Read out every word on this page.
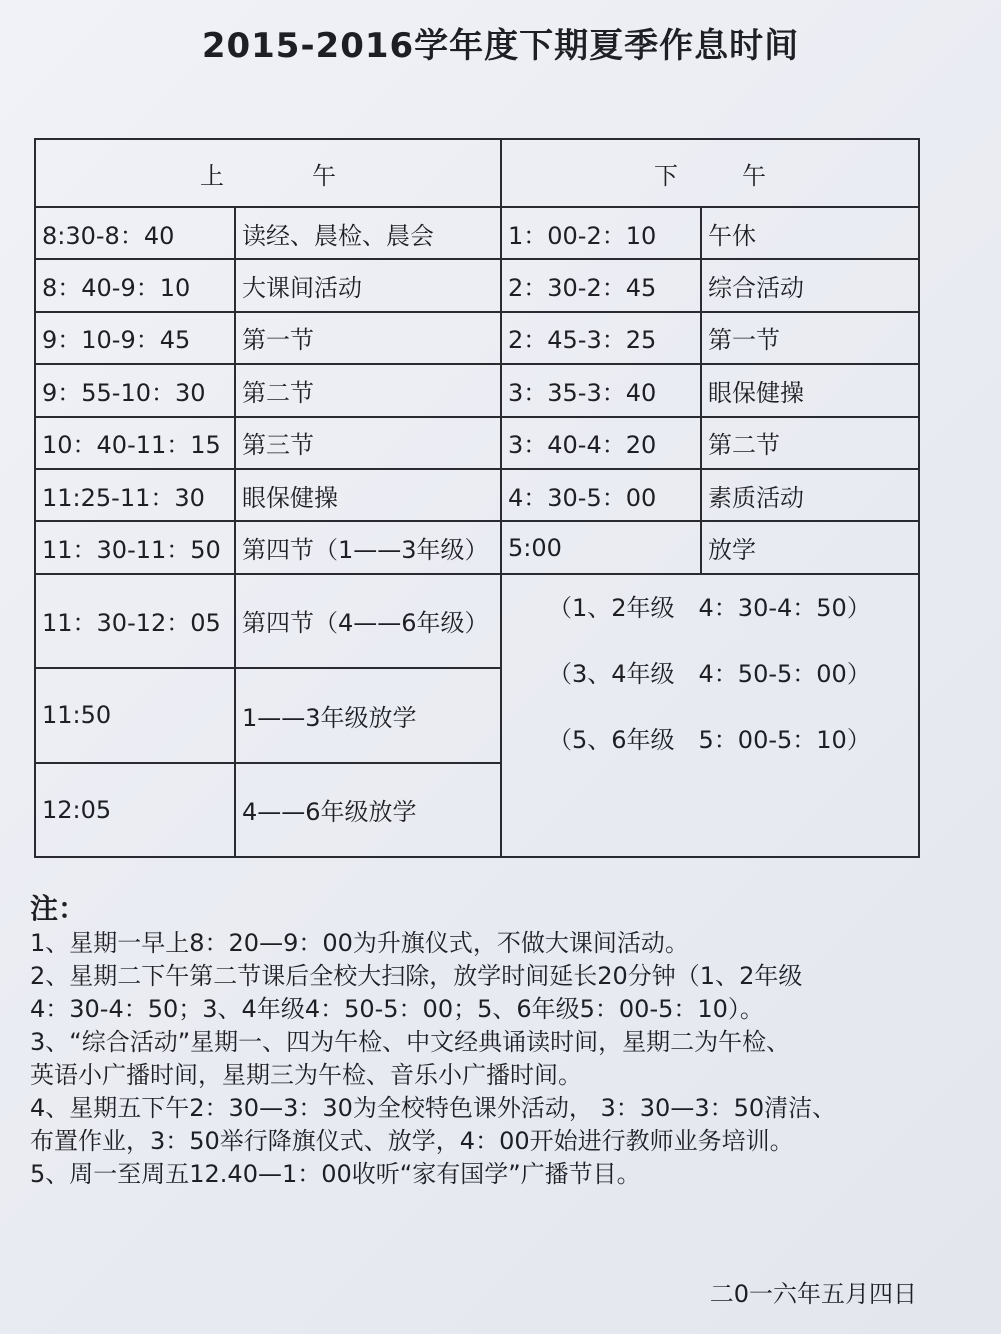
2015-2016学年度下期夏季作息时间
上 午		下 午	

8:30-8：40	读经、晨检、晨会	1：00-2：10	午休
8：40-9：10	大课间活动	2：30-2：45	综合活动
9：10-9：45	第一节	2：45-3：25	第一节
9：55-10：30	第二节	3：35-3：40	眼保健操
10：40-11：15	第三节	3：40-4：20	第二节
11:25-11：30	眼保健操	4：30-5：00	素质活动
11：30-11：50	第四节（1——3年级）	5:00	放学
11：30-12：05	第四节（4——6年级）	（1、2年级　4：30-4：50）
（3、4年级　4：50-5：00）
（5、6年级　5：00-5：10）	

11:50	1——3年级放学		
12:05	4——6年级放学		
注：
1、星期一早上8：20—9：00为升旗仪式，不做大课间活动。
2、星期二下午第二节课后全校大扫除，放学时间延长20分钟（1、2年级
4：30-4：50；3、4年级4：50-5：00；5、6年级5：00-5：10）。
3、“综合活动”星期一、四为午检、中文经典诵读时间，星期二为午检、
英语小广播时间，星期三为午检、音乐小广播时间。
4、星期五下午2：30—3：30为全校特色课外活动， 3：30—3：50清洁、
布置作业，3：50举行降旗仪式、放学，4：00开始进行教师业务培训。
5、周一至周五12.40—1：00收听“家有国学”广播节目。
二0一六年五月四日
